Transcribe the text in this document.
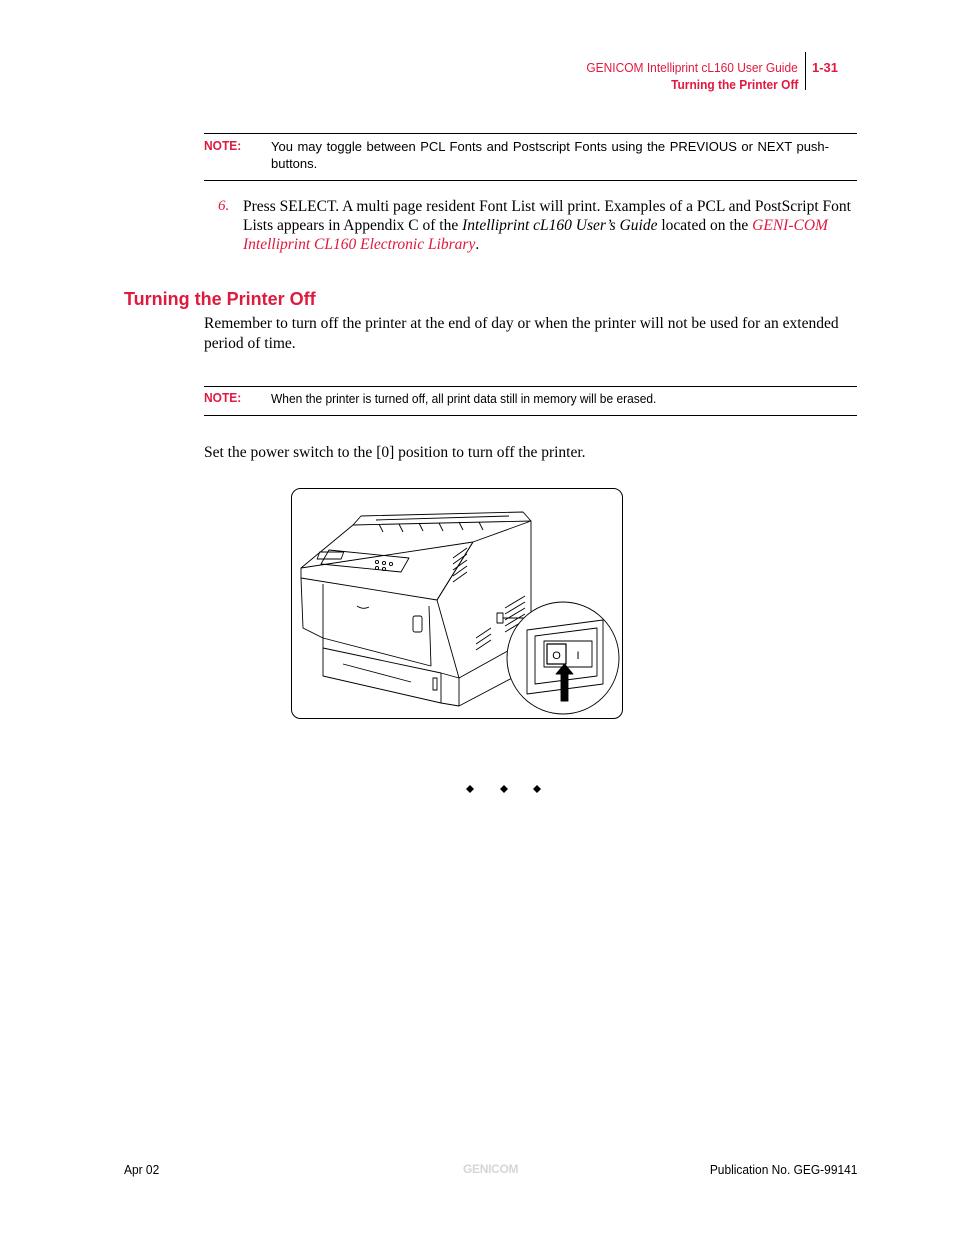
GENICOM Intelliprint cL160 User Guide
Turning the Printer Off
1-31
NOTE: You may toggle between PCL Fonts and Postscript Fonts using the PREVIOUS or NEXT push-buttons.
6. Press SELECT. A multi page resident Font List will print. Examples of a PCL and PostScript Font Lists appears in Appendix C of the Intelliprint cL160 User’s Guide located on the GENI-COM Intelliprint CL160 Electronic Library.
Turning the Printer Off
Remember to turn off the printer at the end of day or when the printer will not be used for an extended period of time.
NOTE: When the printer is turned off, all print data still in memory will be erased.
Set the power switch to the [0] position to turn off the printer.
O I
Apr 02	GENICOM	Publication No. GEG-99141
